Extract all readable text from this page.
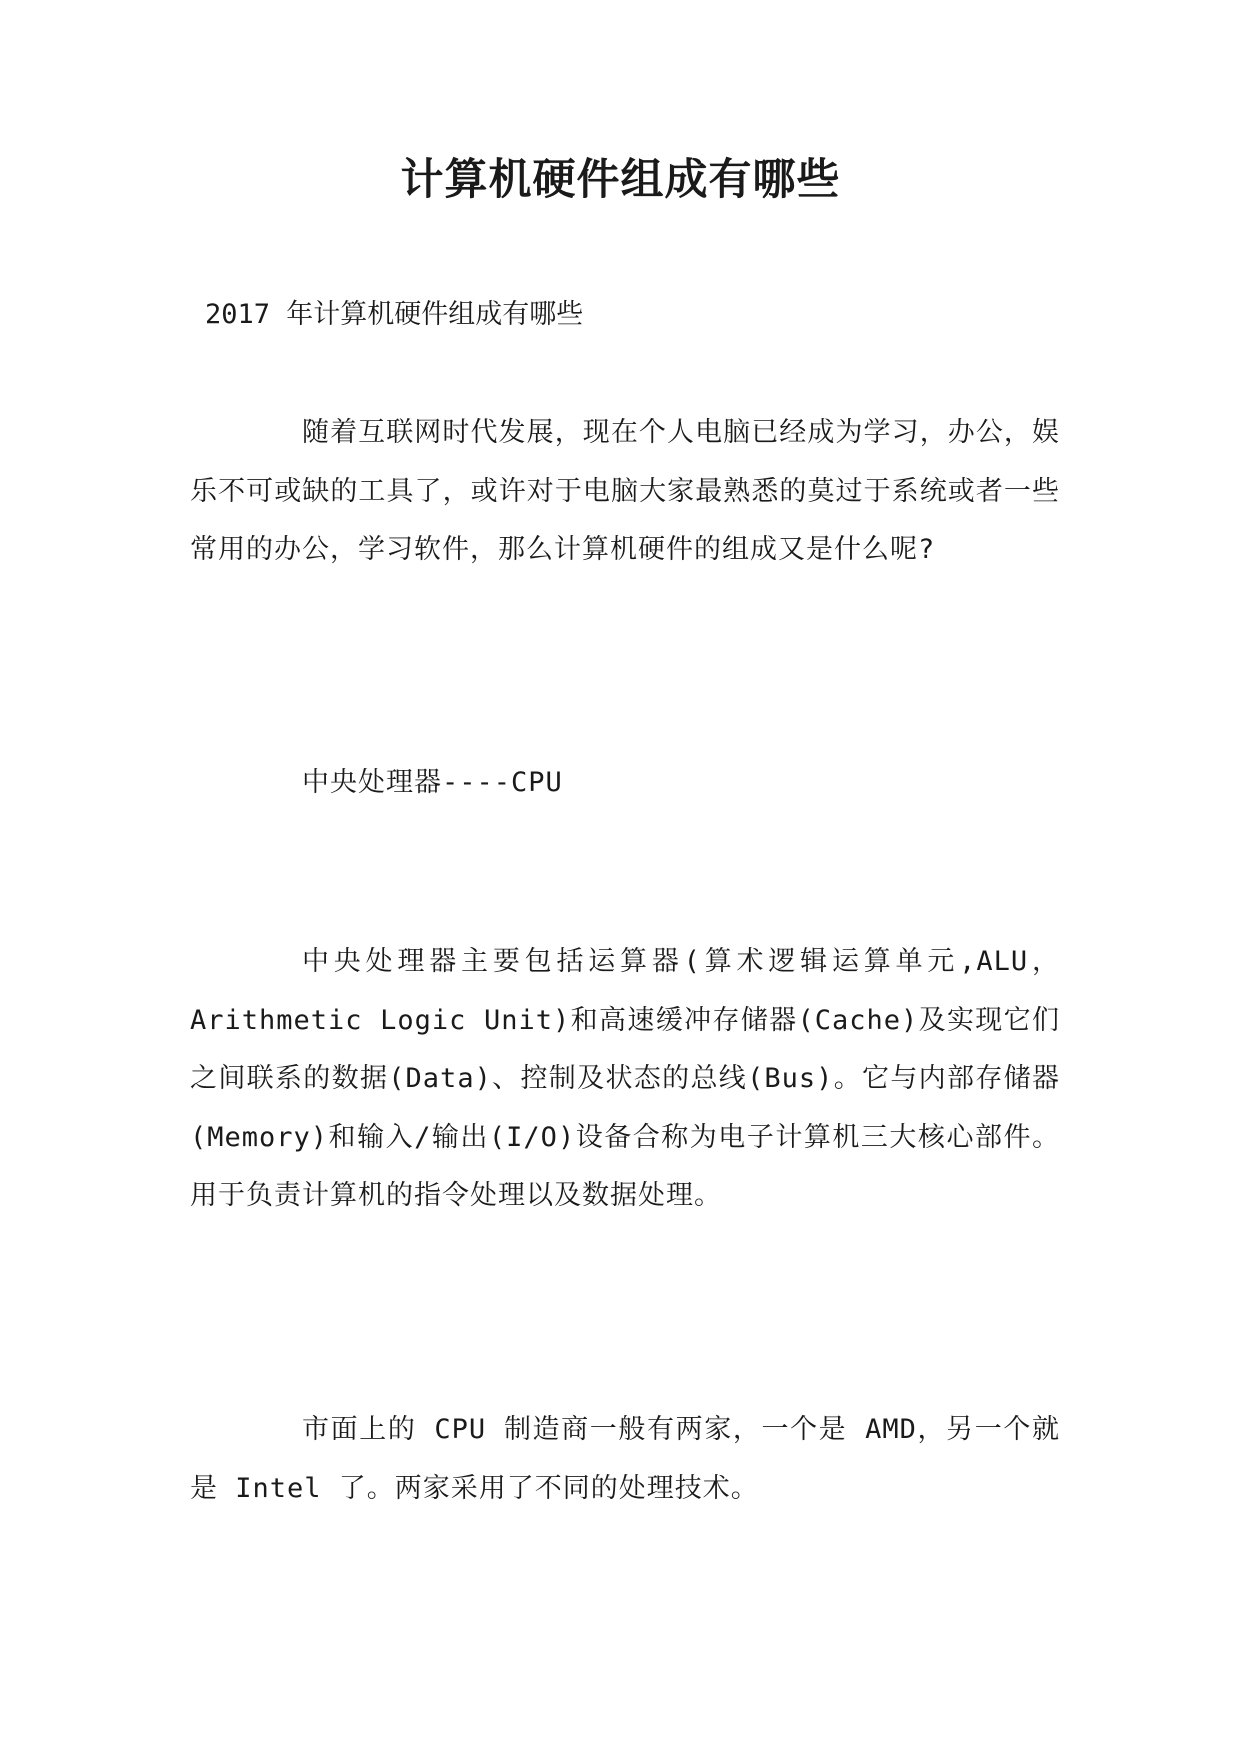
计算机硬件组成有哪些

2017 年计算机硬件组成有哪些

随着互联网时代发展，现在个人电脑已经成为学习，办公，娱乐不可或缺的工具了，或许对于电脑大家最熟悉的莫过于系统或者一些常用的办公，学习软件，那么计算机硬件的组成又是什么呢?

中央处理器----CPU

中央处理器主要包括运算器(算术逻辑运算单元,ALU，Arithmetic Logic Unit)和高速缓冲存储器(Cache)及实现它们之间联系的数据(Data)、控制及状态的总线(Bus)。它与内部存储器(Memory)和输入/输出(I/O)设备合称为电子计算机三大核心部件。用于负责计算机的指令处理以及数据处理。

市面上的 CPU 制造商一般有两家，一个是 AMD，另一个就是 Intel 了。两家采用了不同的处理技术。
